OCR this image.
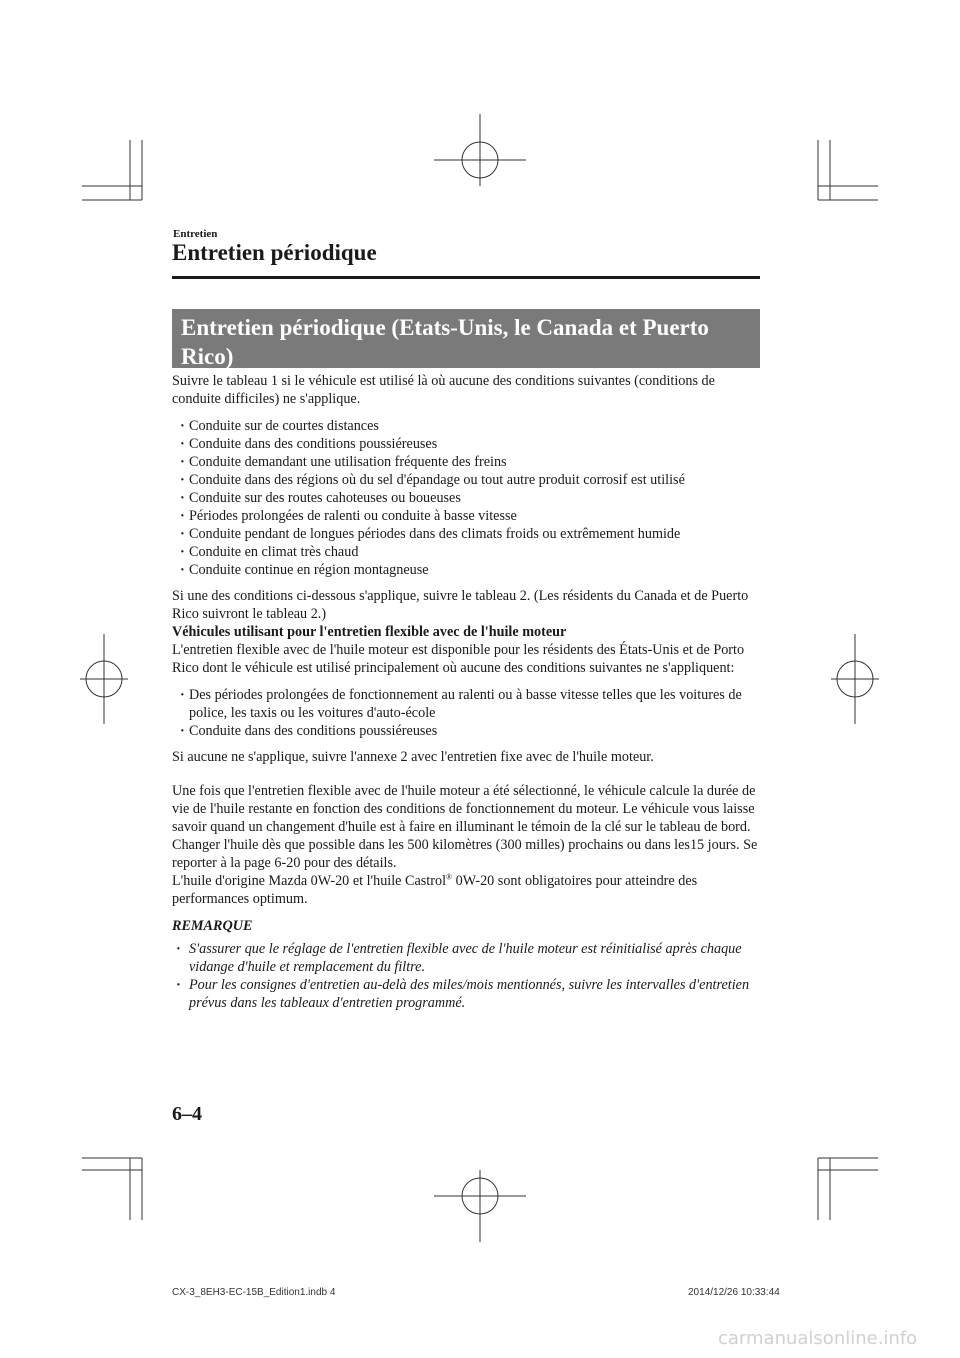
Entretien
Entretien périodique
Entretien périodique (Etats-Unis, le Canada et Puerto
Rico)

Suivre le tableau 1 si le véhicule est utilisé là où aucune des conditions suivantes (conditions de conduite difficiles) ne s'applique.

· Conduite sur de courtes distances
· Conduite dans des conditions poussiéreuses
· Conduite demandant une utilisation fréquente des freins
· Conduite dans des régions où du sel d'épandage ou tout autre produit corrosif est utilisé
· Conduite sur des routes cahoteuses ou boueuses
· Périodes prolongées de ralenti ou conduite à basse vitesse
· Conduite pendant de longues périodes dans des climats froids ou extrêmement humide
· Conduite en climat très chaud
· Conduite continue en région montagneuse

Si une des conditions ci-dessous s'applique, suivre le tableau 2. (Les résidents du Canada et de Puerto Rico suivront le tableau 2.)

Véhicules utilisant pour l'entretien flexible avec de l'huile moteur

L'entretien flexible avec de l'huile moteur est disponible pour les résidents des États-Unis et de Porto Rico dont le véhicule est utilisé principalement où aucune des conditions suivantes ne s'appliquent:

· Des périodes prolongées de fonctionnement au ralenti ou à basse vitesse telles que les voitures de police, les taxis ou les voitures d'auto-école
· Conduite dans des conditions poussiéreuses

Si aucune ne s'applique, suivre l'annexe 2 avec l'entretien fixe avec de l'huile moteur.

Une fois que l'entretien flexible avec de l'huile moteur a été sélectionné, le véhicule calcule la durée de vie de l'huile restante en fonction des conditions de fonctionnement du moteur. Le véhicule vous laisse savoir quand un changement d'huile est à faire en illuminant le témoin de la clé sur le tableau de bord. Changer l'huile dès que possible dans les 500 kilomètres (300 milles) prochains ou dans les15 jours. Se reporter à la page 6-20 pour des détails.

L'huile d'origine Mazda 0W-20 et l'huile Castrol® 0W-20 sont obligatoires pour atteindre des performances optimum.

REMARQUE

· S'assurer que le réglage de l'entretien flexible avec de l'huile moteur est réinitialisé après chaque vidange d'huile et remplacement du filtre.
· Pour les consignes d'entretien au-delà des miles/mois mentionnés, suivre les intervalles d'entretien prévus dans les tableaux d'entretien programmé.
6–4
CX-3_8EH3-EC-15B_Edition1.indb 4	2014/12/26 10:33:44
carmanualsonline.info
